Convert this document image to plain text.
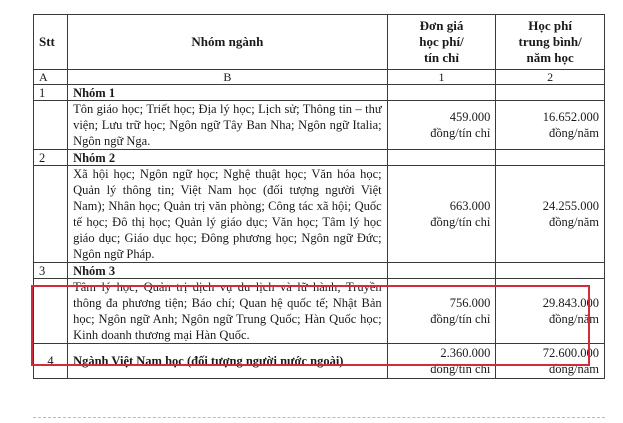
Stt	Nhóm ngành	Đơn giá
học phí/
tín chỉ	Học phí
trung bình/
năm học
A	B	1	2
1	Nhóm 1		
	Tôn giáo học; Triết học; Địa lý học; Lịch sử; Thông tin – thư viện; Lưu trữ học; Ngôn ngữ Tây Ban Nha; Ngôn ngữ Italia; Ngôn ngữ Nga.	459.000
đồng/tín chỉ	16.652.000
đồng/năm
2	Nhóm 2		
	Xã hội học; Ngôn ngữ học; Nghệ thuật học; Văn hóa học; Quản lý thông tin; Việt Nam học (đối tượng người Việt Nam); Nhân học; Quản trị văn phòng; Công tác xã hội; Quốc tế học; Đô thị học; Quản lý giáo dục; Văn học; Tâm lý học giáo dục; Giáo dục học; Đông phương học; Ngôn ngữ Đức; Ngôn ngữ Pháp.	663.000
đồng/tín chỉ	24.255.000
đồng/năm
3	Nhóm 3		
	Tâm lý học; Quản trị dịch vụ du lịch và lữ hành; Truyền thông đa phương tiện; Báo chí; Quan hệ quốc tế; Nhật Bản học; Ngôn ngữ Anh; Ngôn ngữ Trung Quốc; Hàn Quốc học; Kinh doanh thương mại Hàn Quốc.	756.000
đồng/tín chỉ	29.843.000
đồng/năm
4	Ngành Việt Nam học (đối tượng người nước ngoài)	2.360.000
đồng/tín chỉ	72.600.000
đồng/năm
